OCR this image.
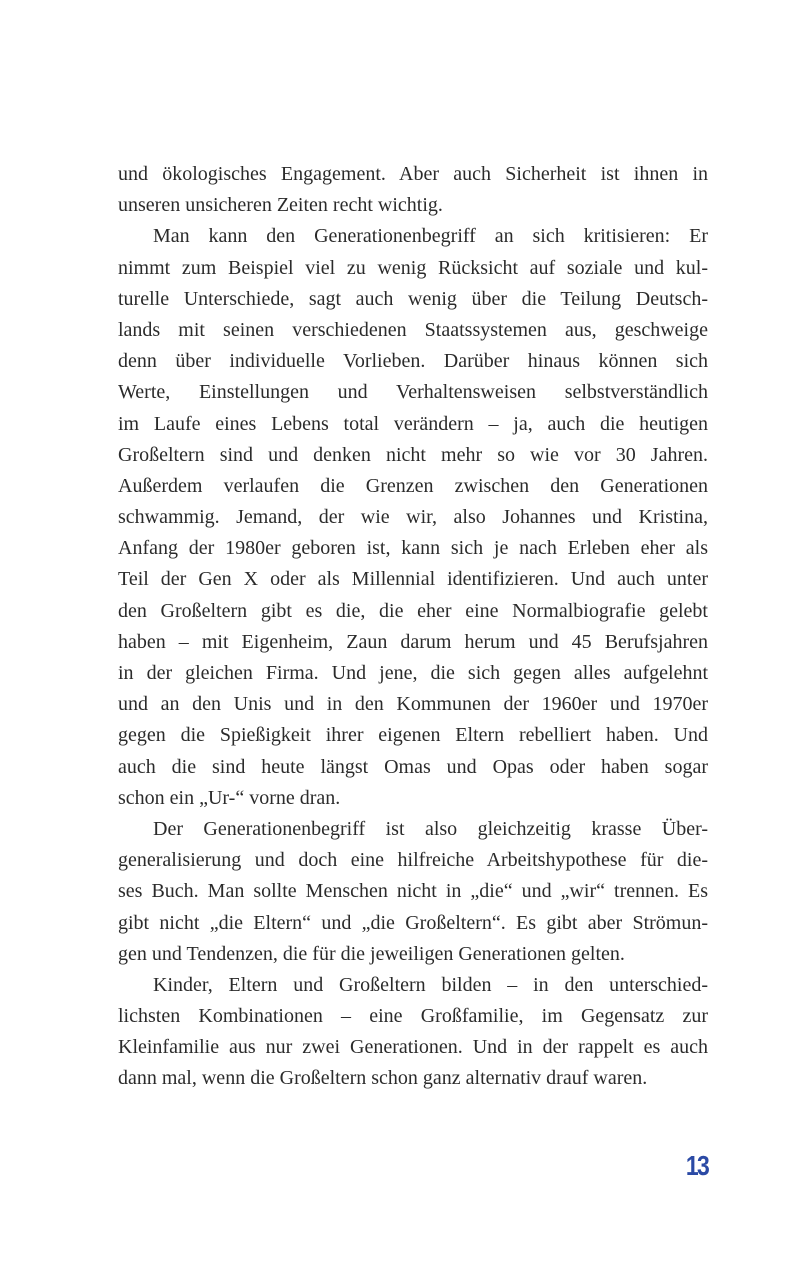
und ökologisches Engagement. Aber auch Sicherheit ist ihnen in
unseren unsicheren Zeiten recht wichtig.
Man kann den Generationenbegriff an sich kritisieren: Er
nimmt zum Beispiel viel zu wenig Rücksicht auf soziale und kul-
turelle Unterschiede, sagt auch wenig über die Teilung Deutsch-
lands mit seinen verschiedenen Staatssystemen aus, geschweige
denn über individuelle Vorlieben. Darüber hinaus können sich
Werte, Einstellungen und Verhaltensweisen selbstverständlich
im Laufe eines Lebens total verändern – ja, auch die heutigen
Großeltern sind und denken nicht mehr so wie vor 30 Jahren.
Außerdem verlaufen die Grenzen zwischen den Generationen
schwammig. Jemand, der wie wir, also Johannes und Kristina,
Anfang der 1980er geboren ist, kann sich je nach Erleben eher als
Teil der Gen X oder als Millennial identifizieren. Und auch unter
den Großeltern gibt es die, die eher eine Normalbiografie gelebt
haben – mit Eigenheim, Zaun darum herum und 45 Berufsjahren
in der gleichen Firma. Und jene, die sich gegen alles aufgelehnt
und an den Unis und in den Kommunen der 1960er und 1970er
gegen die Spießigkeit ihrer eigenen Eltern rebelliert haben. Und
auch die sind heute längst Omas und Opas oder haben sogar
schon ein „Ur-“ vorne dran.
Der Generationenbegriff ist also gleichzeitig krasse Über-
generalisierung und doch eine hilfreiche Arbeitshypothese für die-
ses Buch. Man sollte Menschen nicht in „die“ und „wir“ trennen. Es
gibt nicht „die Eltern“ und „die Großeltern“. Es gibt aber Strömun-
gen und Tendenzen, die für die jeweiligen Generationen gelten.
Kinder, Eltern und Großeltern bilden – in den unterschied-
lichsten Kombinationen – eine Großfamilie, im Gegensatz zur
Kleinfamilie aus nur zwei Generationen. Und in der rappelt es auch
dann mal, wenn die Großeltern schon ganz alternativ drauf waren.
13
